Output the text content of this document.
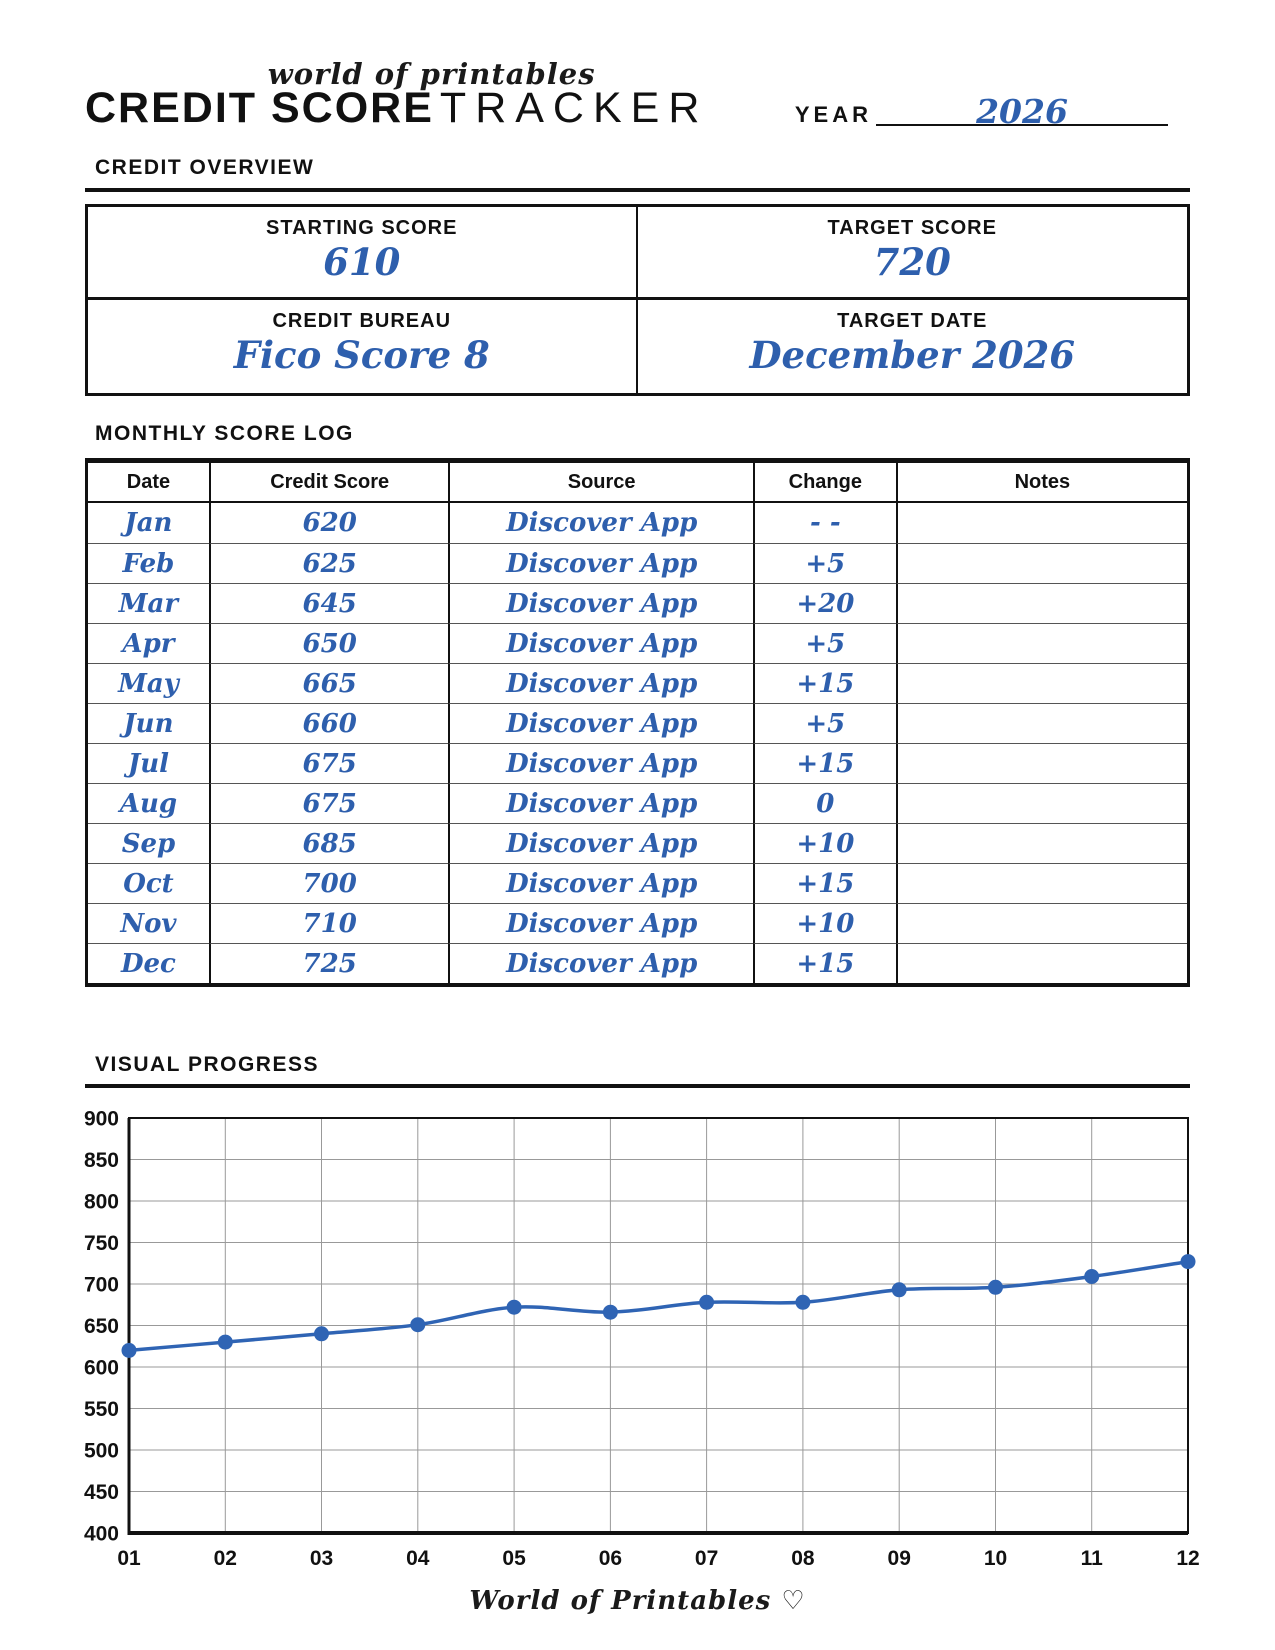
world of printables
CREDIT SCORE TRACKER	YEAR	2026
CREDIT OVERVIEW
STARTING SCORE
610
TARGET SCORE
720
CREDIT BUREAU
Fico Score 8
TARGET DATE
December 2026
MONTHLY SCORE LOG
Date	Credit Score	Source	Change	Notes
Jan	620	Discover App	- -	
Feb	625	Discover App	+5	
Mar	645	Discover App	+20	
Apr	650	Discover App	+5	
May	665	Discover App	+15	
Jun	660	Discover App	+5	
Jul	675	Discover App	+15	
Aug	675	Discover App	0	
Sep	685	Discover App	+10	
Oct	700	Discover App	+15	
Nov	710	Discover App	+10	
Dec	725	Discover App	+15	
VISUAL PROGRESS
400
450
500
550
600
650
700
750
800
850
900
01	02	03	04	05	06	07	08	09	10	11	12
World of Printables ♡
